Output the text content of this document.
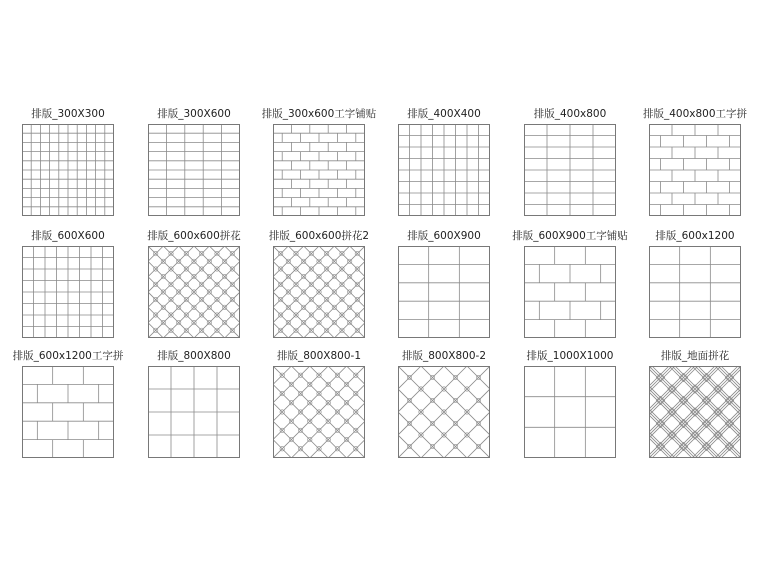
排版_300X300	排版_300X600	排版_300x600工字铺贴	排版_400X400	排版_400x800	排版_400x800工字拼
排版_600X600	排版_600x600拼花	排版_600x600拼花2	排版_600X900	排版_600X900工字铺贴	排版_600x1200
排版_600x1200工字拼	排版_800X800	排版_800X800-1	排版_800X800-2	排版_1000X1000	排版_地面拼花
